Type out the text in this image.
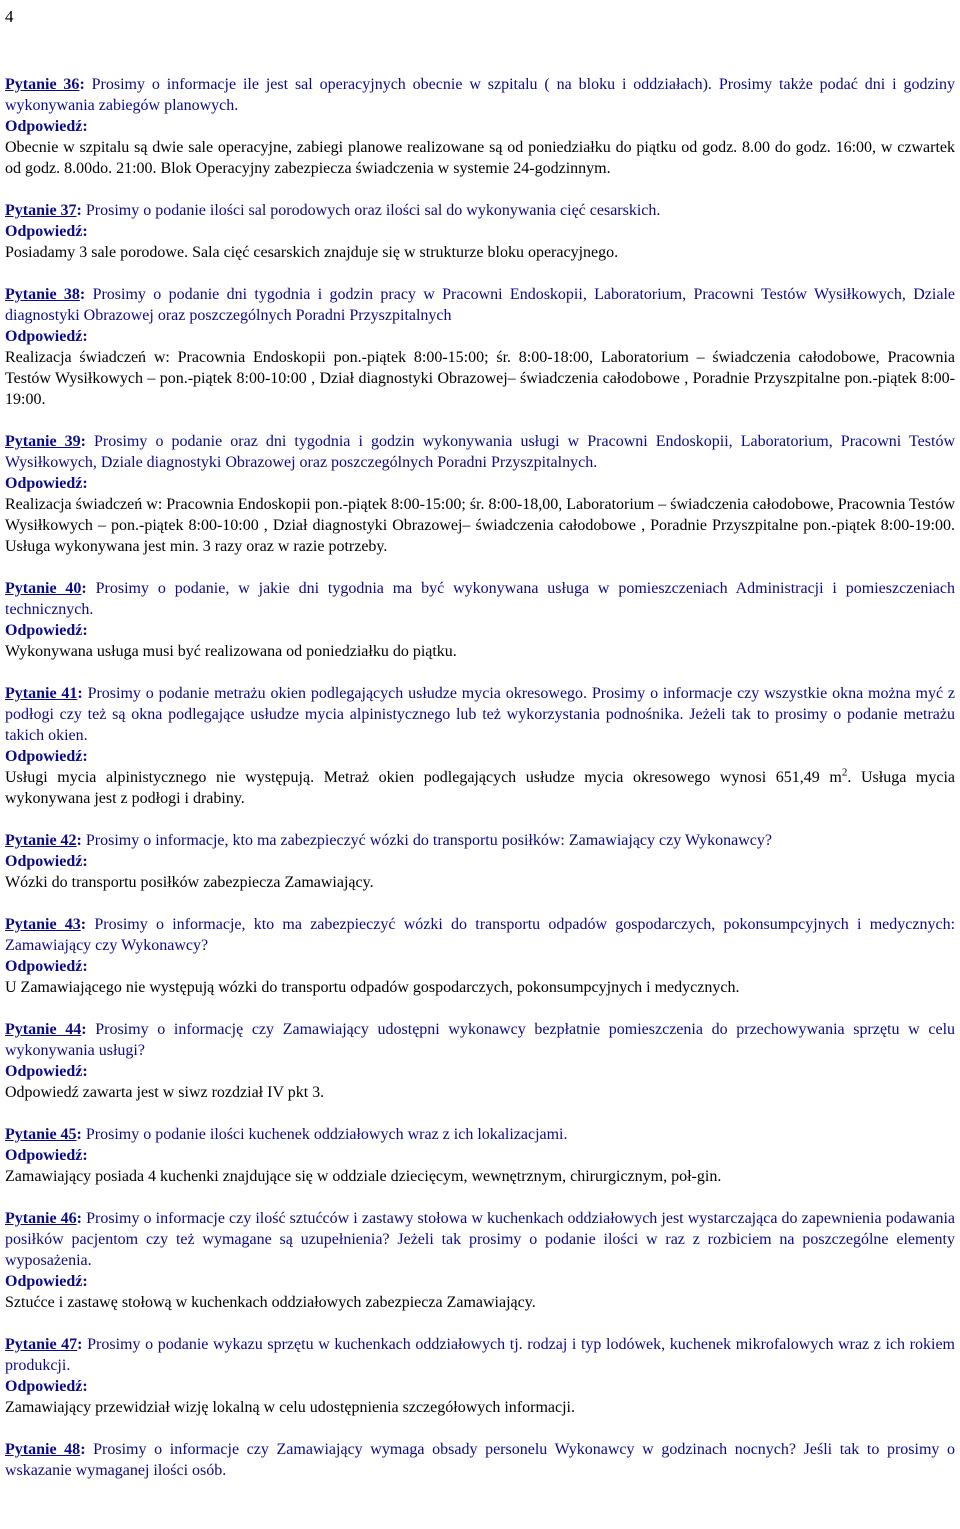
4

Pytanie 36: Prosimy o informacje ile jest sal operacyjnych obecnie w szpitalu ( na bloku i oddziałach). Prosimy także podać dni i godziny wykonywania zabiegów planowych.

Odpowiedź:
Obecnie w szpitalu są dwie sale operacyjne, zabiegi planowe realizowane są od poniedziałku do piątku od godz. 8.00 do godz. 16:00, w czwartek od godz. 8.00do. 21:00. Blok Operacyjny zabezpiecza świadczenia w systemie 24-godzinnym.

Pytanie 37: Prosimy o podanie ilości sal porodowych oraz ilości sal do wykonywania cięć cesarskich.

Odpowiedź:
Posiadamy 3 sale porodowe. Sala cięć cesarskich znajduje się w strukturze bloku operacyjnego.

Pytanie 38: Prosimy o podanie dni tygodnia i godzin pracy w Pracowni Endoskopii, Laboratorium, Pracowni Testów Wysiłkowych, Dziale diagnostyki Obrazowej oraz poszczególnych Poradni Przyszpitalnych

Odpowiedź:
Realizacja świadczeń w: Pracownia Endoskopii pon.-piątek 8:00-15:00; śr. 8:00-18:00, Laboratorium – świadczenia całodobowe, Pracownia Testów Wysiłkowych – pon.-piątek 8:00-10:00 , Dział diagnostyki Obrazowej– świadczenia całodobowe , Poradnie Przyszpitalne pon.-piątek 8:00-19:00.

Pytanie 39: Prosimy o podanie oraz dni tygodnia i godzin wykonywania usługi w Pracowni Endoskopii, Laboratorium, Pracowni Testów Wysiłkowych, Dziale diagnostyki Obrazowej oraz poszczególnych Poradni Przyszpitalnych.

Odpowiedź:
Realizacja świadczeń w: Pracownia Endoskopii pon.-piątek 8:00-15:00; śr. 8:00-18,00, Laboratorium – świadczenia całodobowe, Pracownia Testów Wysiłkowych – pon.-piątek 8:00-10:00 , Dział diagnostyki Obrazowej– świadczenia całodobowe , Poradnie Przyszpitalne pon.-piątek 8:00-19:00. Usługa wykonywana jest min. 3 razy oraz w razie potrzeby.

Pytanie 40: Prosimy o podanie, w jakie dni tygodnia ma być wykonywana usługa w pomieszczeniach Administracji i pomieszczeniach technicznych.

Odpowiedź:
Wykonywana usługa musi być realizowana od poniedziałku do piątku.

Pytanie 41: Prosimy o podanie metrażu okien podlegających usłudze mycia okresowego. Prosimy o informacje czy wszystkie okna można myć z podłogi czy też są okna podlegające usłudze mycia alpinistycznego lub też wykorzystania podnośnika. Jeżeli tak to prosimy o podanie metrażu takich okien.

Odpowiedź:
Usługi mycia alpinistycznego nie występują. Metraż okien podlegających usłudze mycia okresowego wynosi 651,49 $m^2$. Usługa mycia wykonywana jest z podłogi i drabiny.

Pytanie 42: Prosimy o informacje, kto ma zabezpieczyć wózki do transportu posiłków: Zamawiający czy Wykonawcy?

Odpowiedź:
Wózki do transportu posiłków zabezpiecza Zamawiający.

Pytanie 43: Prosimy o informacje, kto ma zabezpieczyć wózki do transportu odpadów gospodarczych, pokonsumpcyjnych i medycznych: Zamawiający czy Wykonawcy?

Odpowiedź:
U Zamawiającego nie występują wózki do transportu odpadów gospodarczych, pokonsumpcyjnych i medycznych.

Pytanie 44: Prosimy o informację czy Zamawiający udostępni wykonawcy bezpłatnie pomieszczenia do przechowywania sprzętu w celu wykonywania usługi?

Odpowiedź:
Odpowiedź zawarta jest w siwz rozdział IV pkt 3.

Pytanie 45: Prosimy o podanie ilości kuchenek oddziałowych wraz z ich lokalizacjami.

Odpowiedź:
Zamawiający posiada 4 kuchenki znajdujące się w oddziale dziecięcym, wewnętrznym, chirurgicznym, poł-gin.

Pytanie 46: Prosimy o informacje czy ilość sztućców i zastawy stołowa w kuchenkach oddziałowych jest wystarczająca do zapewnienia podawania posiłków pacjentom czy też wymagane są uzupełnienia? Jeżeli tak prosimy o podanie ilości w raz z rozbiciem na poszczególne elementy wyposażenia.

Odpowiedź:
Sztućce i zastawę stołową w kuchenkach oddziałowych zabezpiecza Zamawiający.

Pytanie 47: Prosimy o podanie wykazu sprzętu w kuchenkach oddziałowych tj. rodzaj i typ lodówek, kuchenek mikrofalowych wraz z ich rokiem produkcji.

Odpowiedź:
Zamawiający przewidział wizję lokalną w celu udostępnienia szczegółowych informacji.

Pytanie 48: Prosimy o informacje czy Zamawiający wymaga obsady personelu Wykonawcy w godzinach nocnych? Jeśli tak to prosimy o wskazanie wymaganej ilości osób.
